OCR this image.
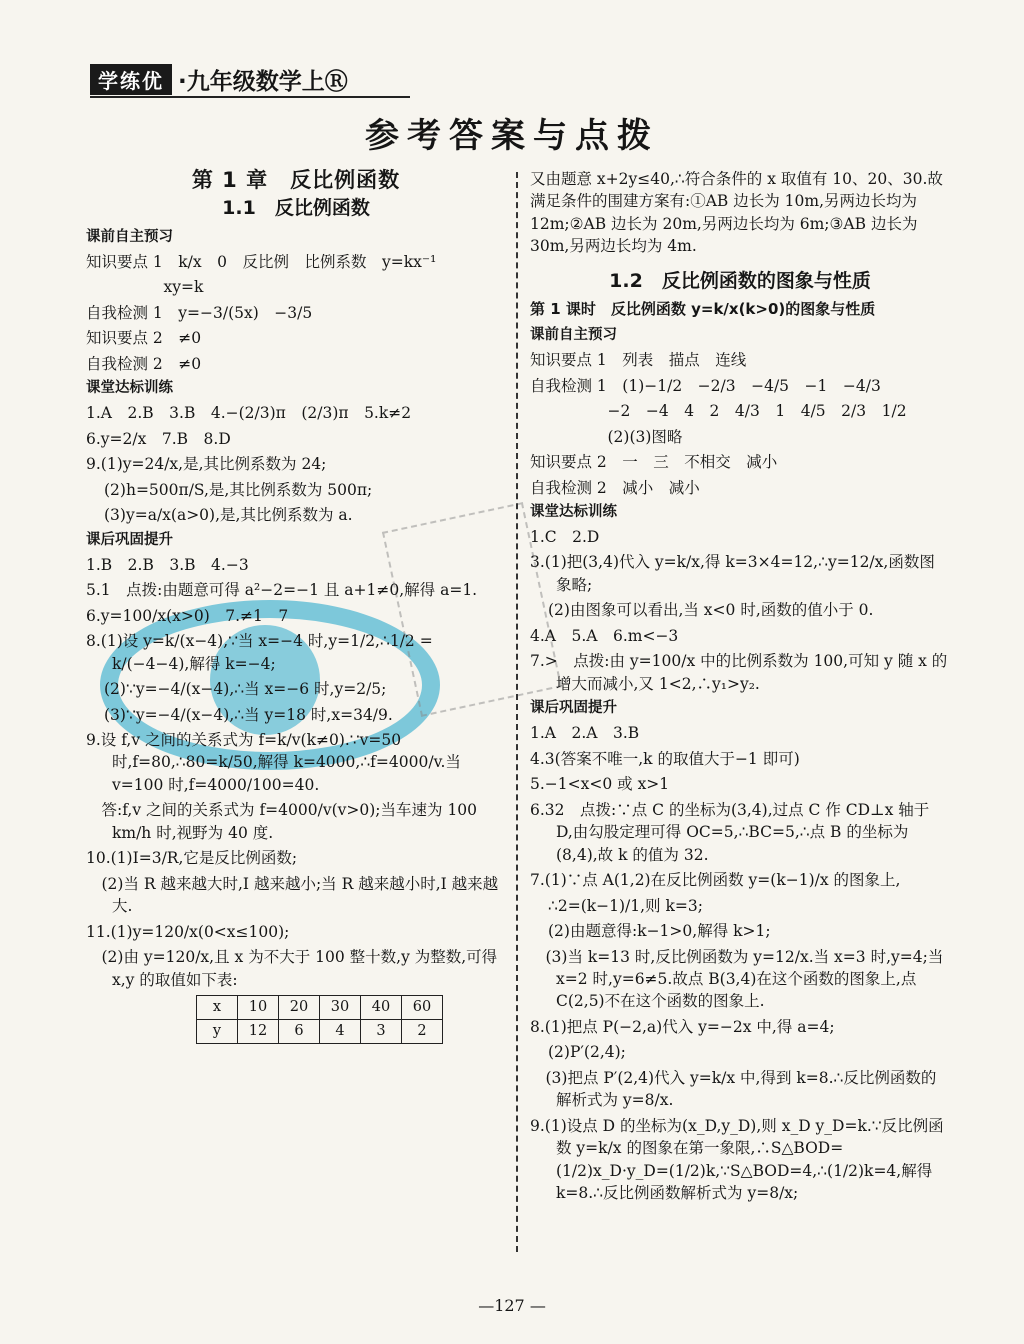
学练优 ·九年级数学上Ⓡ
参考答案与点拨
第 1 章　反比例函数
1.1　反比例函数
课前自主预习
知识要点 1　k/x　0　反比例　比例系数　y=kx⁻¹
　　　　　xy=k
自我检测 1　y=−3/(5x)　−3/5
知识要点 2　≠0
自我检测 2　≠0
课堂达标训练
1.A　2.B　3.B　4.−(2/3)π　(2/3)π　5.k≠2
6.y=2/x　7.B　8.D
9.(1)y=24/x,是,其比例系数为 24;
(2)h=500π/S,是,其比例系数为 500π;
(3)y=a/x(a>0),是,其比例系数为 a.
课后巩固提升
1.B　2.B　3.B　4.−3
5.1　点拨:由题意可得 a²−2=−1 且 a+1≠0,解得 a=1.
6.y=100/x(x>0)　7.≠1　7
8.(1)设 y=k/(x−4),∵当 x=−4 时,y=1/2,∴1/2 = k/(−4−4),解得 k=−4;
(2)∵y=−4/(x−4),∴当 x=−6 时,y=2/5;
(3)∵y=−4/(x−4),∴当 y=18 时,x=34/9.
9.设 f,v 之间的关系式为 f=k/v(k≠0).∵v=50 时,f=80,∴80=k/50,解得 k=4000,∴f=4000/v.当 v=100 时,f=4000/100=40.
　答:f,v 之间的关系式为 f=4000/v(v>0);当车速为 100 km/h 时,视野为 40 度.
10.(1)I=3/R,它是反比例函数;
　(2)当 R 越来越大时,I 越来越小;当 R 越来越小时,I 越来越大.
11.(1)y=120/x(0<x≤100);
　(2)由 y=120/x,且 x 为不大于 100 整十数,y 为整数,可得 x,y 的取值如下表:
x	10	20	30	40	60
y	12	6	4	3	2
又由题意 x+2y≤40,∴符合条件的 x 取值有 10、20、30.故满足条件的围建方案有:①AB 边长为 10m,另两边长均为 12m;②AB 边长为 20m,另两边长均为 6m;③AB 边长为 30m,另两边长均为 4m.
1.2　反比例函数的图象与性质
第 1 课时　反比例函数 y=k/x(k>0)的图象与性质
课前自主预习
知识要点 1　列表　描点　连线
自我检测 1　(1)−1/2　−2/3　−4/5　−1　−4/3
　　　　　−2　−4　4　2　4/3　1　4/5　2/3　1/2
　　　　　(2)(3)图略
知识要点 2　一　三　不相交　减小
自我检测 2　减小　减小
课堂达标训练
1.C　2.D
3.(1)把(3,4)代入 y=k/x,得 k=3×4=12,∴y=12/x,函数图象略;
(2)由图象可以看出,当 x<0 时,函数的值小于 0.
4.A　5.A　6.m<−3
7.>　点拨:由 y=100/x 中的比例系数为 100,可知 y 随 x 的增大而减小,又 1<2,∴y₁>y₂.
课后巩固提升
1.A　2.A　3.B
4.3(答案不唯一,k 的取值大于−1 即可)
5.−1<x<0 或 x>1
6.32　点拨:∵点 C 的坐标为(3,4),过点 C 作 CD⊥x 轴于 D,由勾股定理可得 OC=5,∴BC=5,∴点 B 的坐标为(8,4),故 k 的值为 32.
7.(1)∵点 A(1,2)在反比例函数 y=(k−1)/x 的图象上,
∴2=(k−1)/1,则 k=3;
(2)由题意得:k−1>0,解得 k>1;
　(3)当 k=13 时,反比例函数为 y=12/x.当 x=3 时,y=4;当 x=2 时,y=6≠5.故点 B(3,4)在这个函数的图象上,点 C(2,5)不在这个函数的图象上.
8.(1)把点 P(−2,a)代入 y=−2x 中,得 a=4;
(2)P′(2,4);
　(3)把点 P′(2,4)代入 y=k/x 中,得到 k=8.∴反比例函数的解析式为 y=8/x.
9.(1)设点 D 的坐标为(x_D,y_D),则 x_D y_D=k.∵反比例函数 y=k/x 的图象在第一象限,∴S△BOD=(1/2)x_D·y_D=(1/2)k,∵S△BOD=4,∴(1/2)k=4,解得 k=8.∴反比例函数解析式为 y=8/x;
—127 —
